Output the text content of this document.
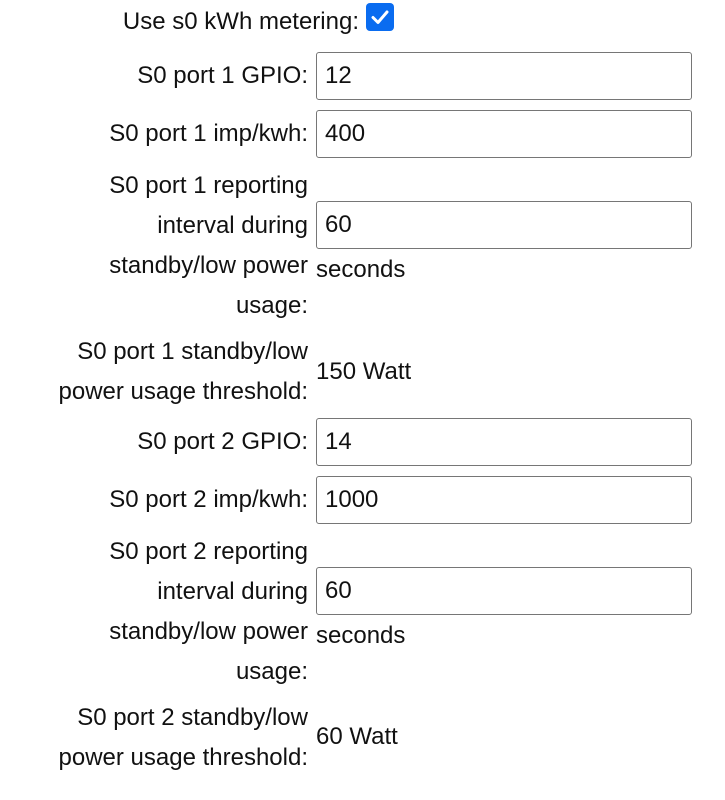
Use s0 kWh metering:
S0 port 1 GPIO:
12
S0 port 1 imp/kwh:
400
S0 port 1 reporting
interval during
standby/low power
usage:
60
seconds
S0 port 1 standby/low
power usage threshold:
150 Watt
S0 port 2 GPIO:
14
S0 port 2 imp/kwh:
1000
S0 port 2 reporting
interval during
standby/low power
usage:
60
seconds
S0 port 2 standby/low
power usage threshold:
60 Watt
